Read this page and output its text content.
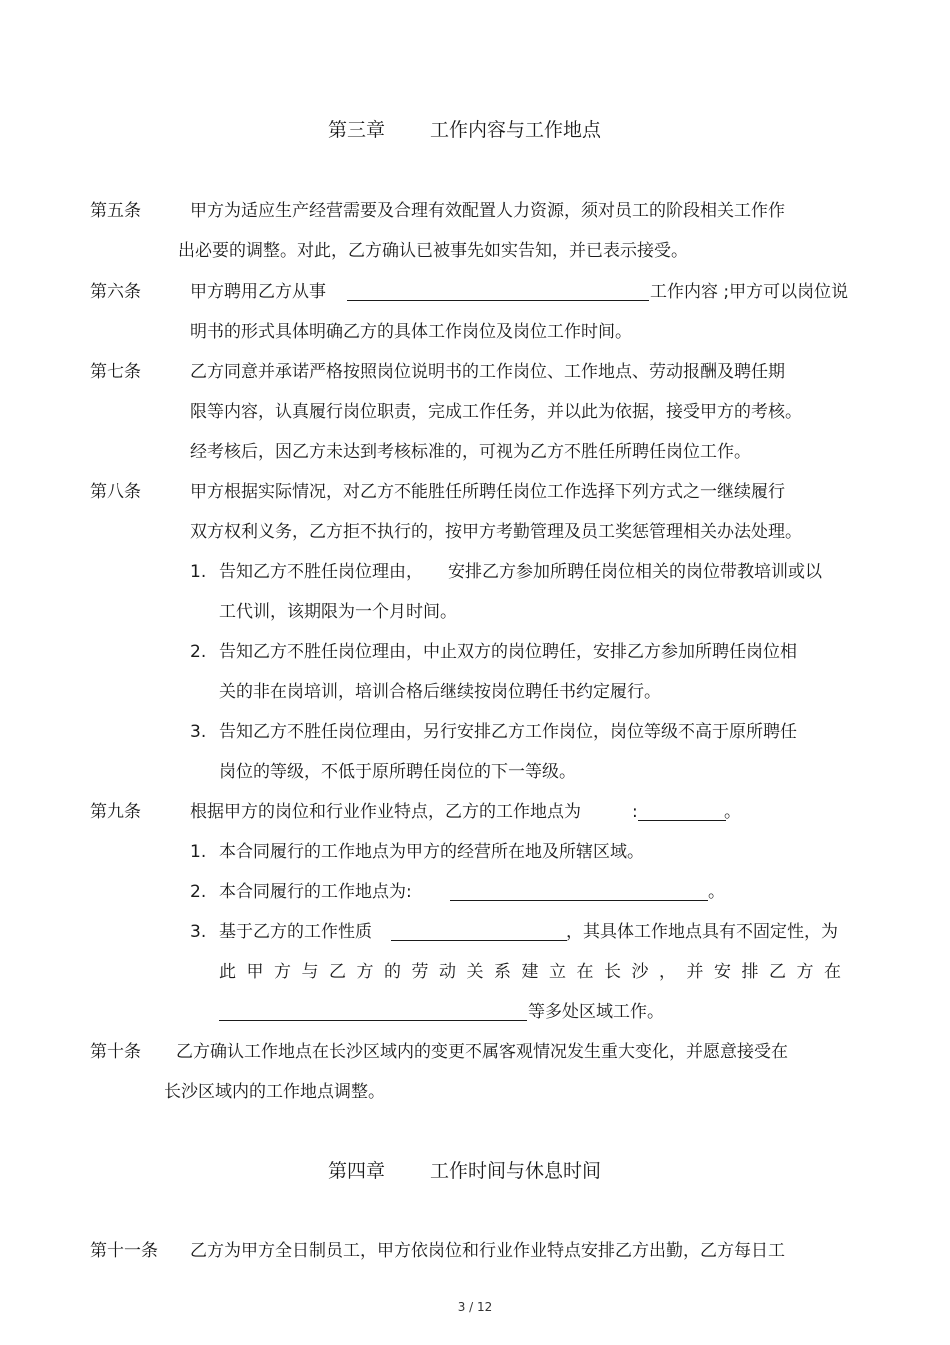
第三章 工作内容与工作地点
第五条	甲方为适应生产经营需要及合理有效配置人力资源，须对员工的阶段相关工作作
出必要的调整。对此，乙方确认已被事先如实告知，并已表示接受。
第六条	甲方聘用乙方从事	工作内容 ;甲方可以岗位说
明书的形式具体明确乙方的具体工作岗位及岗位工作时间。
第七条	乙方同意并承诺严格按照岗位说明书的工作岗位、工作地点、劳动报酬及聘任期
限等内容，认真履行岗位职责，完成工作任务，并以此为依据，接受甲方的考核。
经考核后，因乙方未达到考核标准的，可视为乙方不胜任所聘任岗位工作。
第八条	甲方根据实际情况，对乙方不能胜任所聘任岗位工作选择下列方式之一继续履行
双方权利义务，乙方拒不执行的，按甲方考勤管理及员工奖惩管理相关办法处理。
1. 告知乙方不胜任岗位理由， 安排乙方参加所聘任岗位相关的岗位带教培训或以
工代训，该期限为一个月时间。
2. 告知乙方不胜任岗位理由，中止双方的岗位聘任，安排乙方参加所聘任岗位相
关的非在岗培训，培训合格后继续按岗位聘任书约定履行。
3. 告知乙方不胜任岗位理由，另行安排乙方工作岗位，岗位等级不高于原所聘任
岗位的等级，不低于原所聘任岗位的下一等级。
第九条	根据甲方的岗位和行业作业特点，乙方的工作地点为	:	。
1. 本合同履行的工作地点为甲方的经营所在地及所辖区域。
2. 本合同履行的工作地点为:	。
3. 基于乙方的工作性质	，其具体工作地点具有不固定性，为
此甲方与乙方的劳动关系建立在长沙，并安排乙方在
等多处区域工作。
第十条 乙方确认工作地点在长沙区域内的变更不属客观情况发生重大变化，并愿意接受在
长沙区域内的工作地点调整。
第四章 工作时间与休息时间
第十一条 乙方为甲方全日制员工，甲方依岗位和行业作业特点安排乙方出勤，乙方每日工
3 / 12
